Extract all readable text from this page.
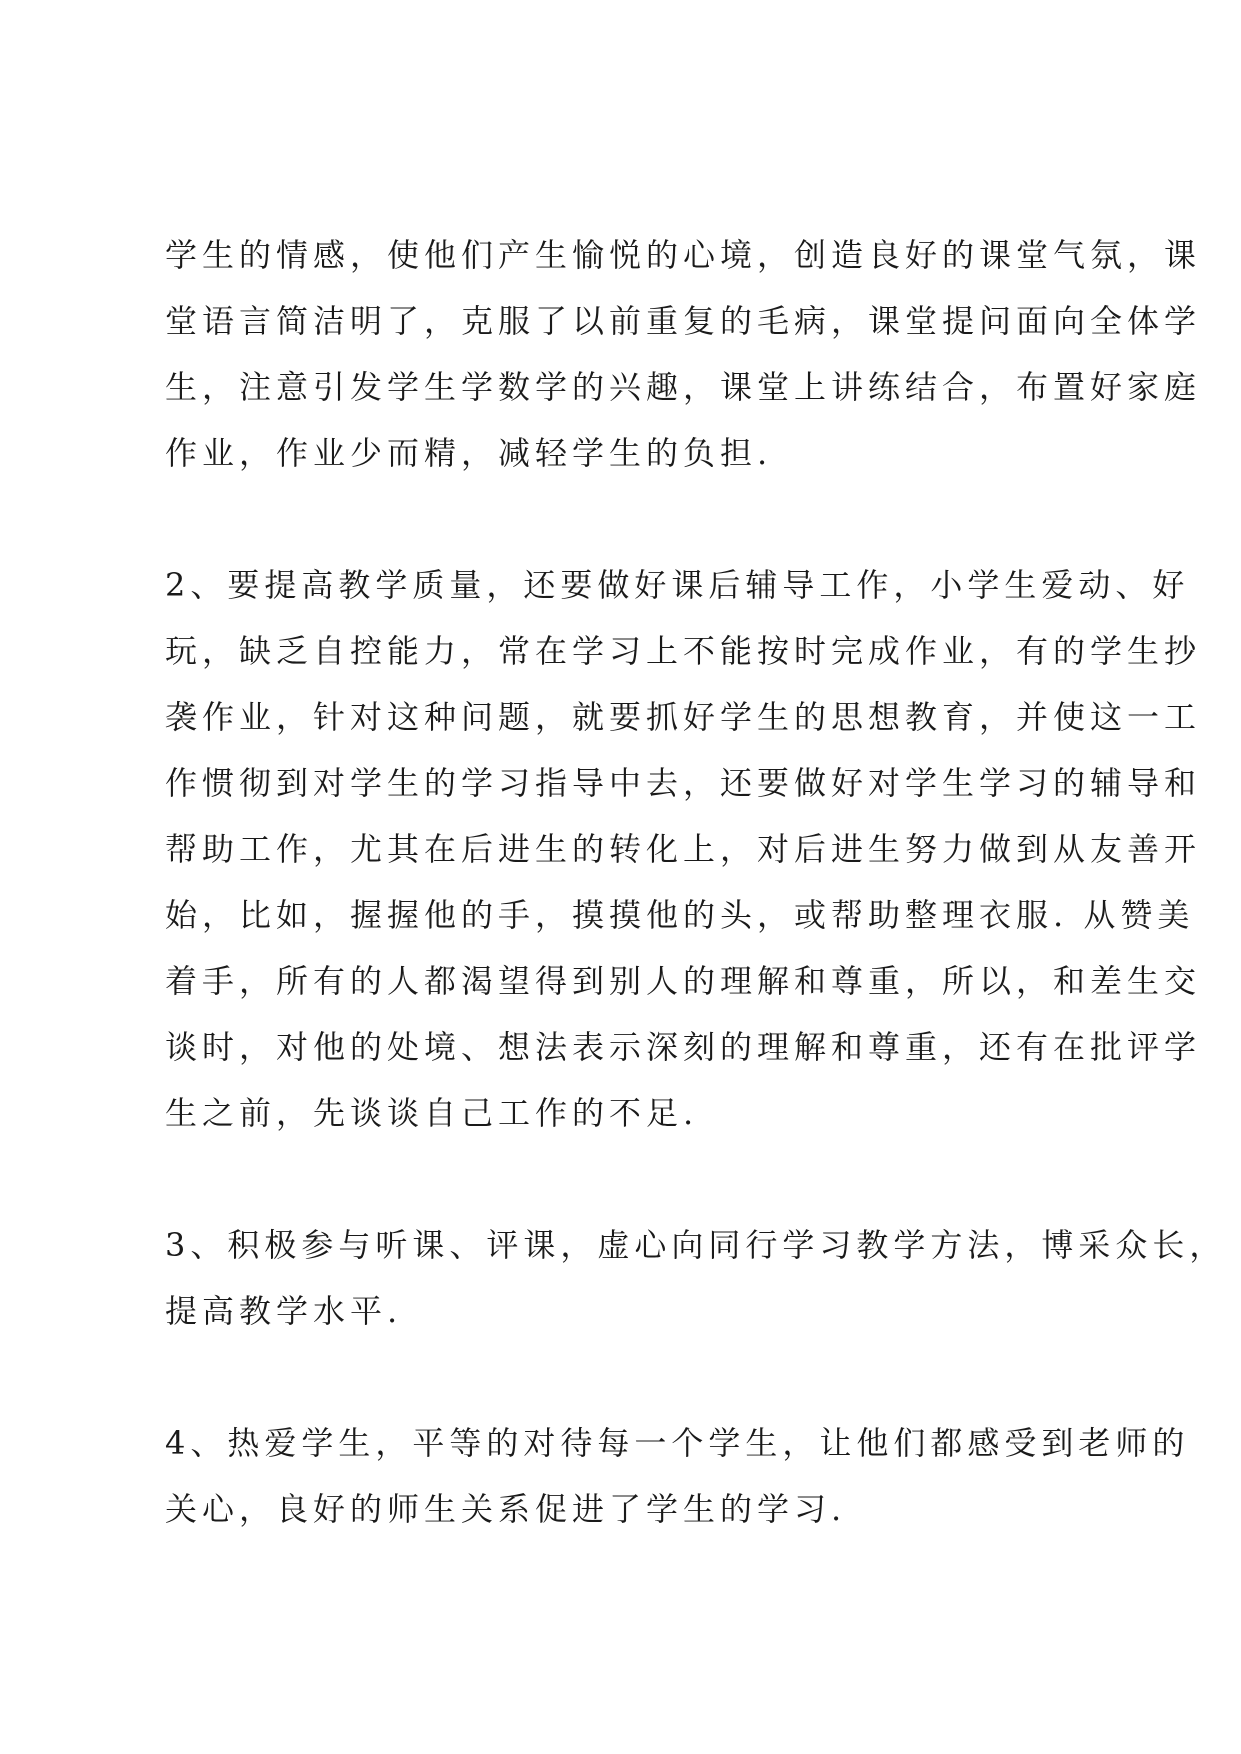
学生的情感，使他们产生愉悦的心境，创造良好的课堂气氛，课
堂语言简洁明了，克服了以前重复的毛病，课堂提问面向全体学
生，注意引发学生学数学的兴趣，课堂上讲练结合，布置好家庭
作业，作业少而精，减轻学生的负担.
2、要提高教学质量，还要做好课后辅导工作，小学生爱动、好
玩，缺乏自控能力，常在学习上不能按时完成作业，有的学生抄
袭作业，针对这种问题，就要抓好学生的思想教育，并使这一工
作惯彻到对学生的学习指导中去，还要做好对学生学习的辅导和
帮助工作，尤其在后进生的转化上，对后进生努力做到从友善开
始，比如，握握他的手，摸摸他的头，或帮助整理衣服. 从赞美
着手，所有的人都渴望得到别人的理解和尊重，所以，和差生交
谈时，对他的处境、想法表示深刻的理解和尊重，还有在批评学
生之前，先谈谈自己工作的不足.
3、积极参与听课、评课，虚心向同行学习教学方法，博采众长，
提高教学水平.
4、热爱学生，平等的对待每一个学生，让他们都感受到老师的
关心，良好的师生关系促进了学生的学习.
